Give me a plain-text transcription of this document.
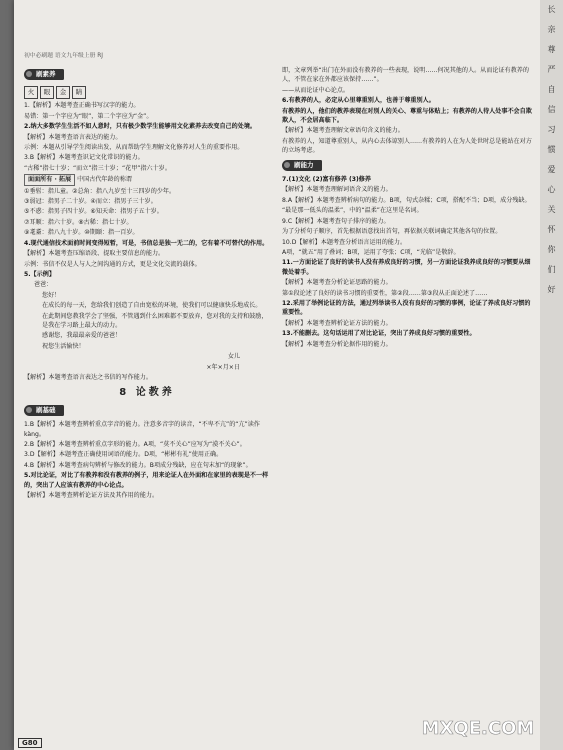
初中必刷题 语文九年级上册 RJ
刷素养
火	眼	金	睛

1.【解析】本题考查正确书写汉字的能力。

易错：第一个字应为“眼”，第二个字应为“金”。

2.纳大多数学生生活不如人意时，只有极少数学生能够用文化素养去改变自己的处境。

【解析】本题考查语言表达的能力。

示例：本题从引导学生阅读出发，从而帮助学生理解文化修养对人生的重要作用。

3.B【解析】本题考查识记文化常识的能力。

“古稀”指七十岁；“而立”指三十岁；“花甲”指六十岁。

面面所有 · 拓展 中国古代年龄的称谓

①垂髫：指儿童。②总角：指八九岁至十三四岁的少年。

③弱冠：指男子二十岁。④而立：指男子三十岁。

⑤不惑：指男子四十岁。⑥知天命：指男子五十岁。

⑦耳顺：指六十岁。⑧古稀：指七十岁。

⑨耄耋：指八九十岁。⑩期颐：指一百岁。

4.现代通信技术面前时间变得短暂，可是，书信总是独一无二的，它有着不可替代的作用。

【解析】本题考查压缩语段、提取主要信息的能力。

示例：书信不仅是人与人之间沟通的方式，更是文化交流的载体。

5.【示例】

爸爸：

您好！

在成长的每一天，您给我们创造了自由宽松的环境，使我们可以健康快乐地成长。

在此期间您教我学会了坚强，不管遇到什么困难都不要放弃，您对我的支持和鼓励，是我在学习路上最大的动力。

感谢您，我最最亲爱的爸爸！

祝您生活愉快！

女儿

×年×月×日

【解析】本题考查语言表达之书信的写作能力。

8 论教养
刷基础

1.B【解析】本题考查辨析重点字音的能力。注意多音字的读音，“不卑不亢”的“亢”读作kàng。

2.B【解析】本题考查辨析重点字形的能力。A项，“莫不关心”应写为“漠不关心”。

3.D【解析】本题考查正确使用词语的能力。D项，“彬彬有礼”使用正确。

4.B【解析】本题考查病句辨析与修改的能力。B项成分残缺，应在句末加“的现象”。

5.对比论证，对比了有教养和没有教养的例子，用来论证人在外面和在家里的表现是不一样的，突出了人应该有教养的中心论点。

【解析】本题考查辨析论证方法及其作用的能力。

即，文章列举“出门在外而没有教养的一些表现，说明……何况其他的人。从而论证有教养的人，不管在家在外都应该保持……”。

——从而论证中心论点。

6.有教养的人，必定从心里尊重别人，也善于尊重别人。

有教养的人，他们的教养表现在对别人的关心、尊重与体贴上；有教养的人待人处事不会自欺欺人，不会居高临下。

【解析】本题考查理解文章语句含义的能力。

有教养的人，知道尊重别人，从内心去体谅别人……有教养的人在为人处世时总是能站在对方的立场考虑。

刷能力

7.(1)文化 (2)富有修养 (3)修养

【解析】本题考查理解词语含义的能力。

8.A【解析】本题考查辨析病句的能力。B项，句式杂糅；C项，搭配不当；D项，成分残缺。

“最是那一低头的温柔”，中的“温柔”在这里是名词。

9.C【解析】本题考查句子排序的能力。

为了分析句子顺序，首先根据语意找出首句，再依据关联词确定其他各句的位置。

10.D【解析】本题考查分析语言运用的能力。

A项，“就五”用了叠词；B项，运用了夸张；C项，“光临”是敬辞。

11.一方面论证了良好的读书人没有养成良好的习惯，另一方面论证我养成良好的习惯要从细微处着手。

【解析】本题考查分析论证思路的能力。

第①段论述了良好的读书习惯的重要性，第②段……第③段从正面论述了……

12.采用了举例论证的方法，通过列举读书人没有良好的习惯的事例，论证了养成良好习惯的重要性。

【解析】本题考查辨析论证方法的能力。

13.不能删去。这句话运用了对比论证，突出了养成良好习惯的重要性。

【解析】本题考查分析论据作用的能力。

G80
MXQE.COM
长
亲
尊
严
自
信
习
惯
爱
心
关
怀
你
们
好
